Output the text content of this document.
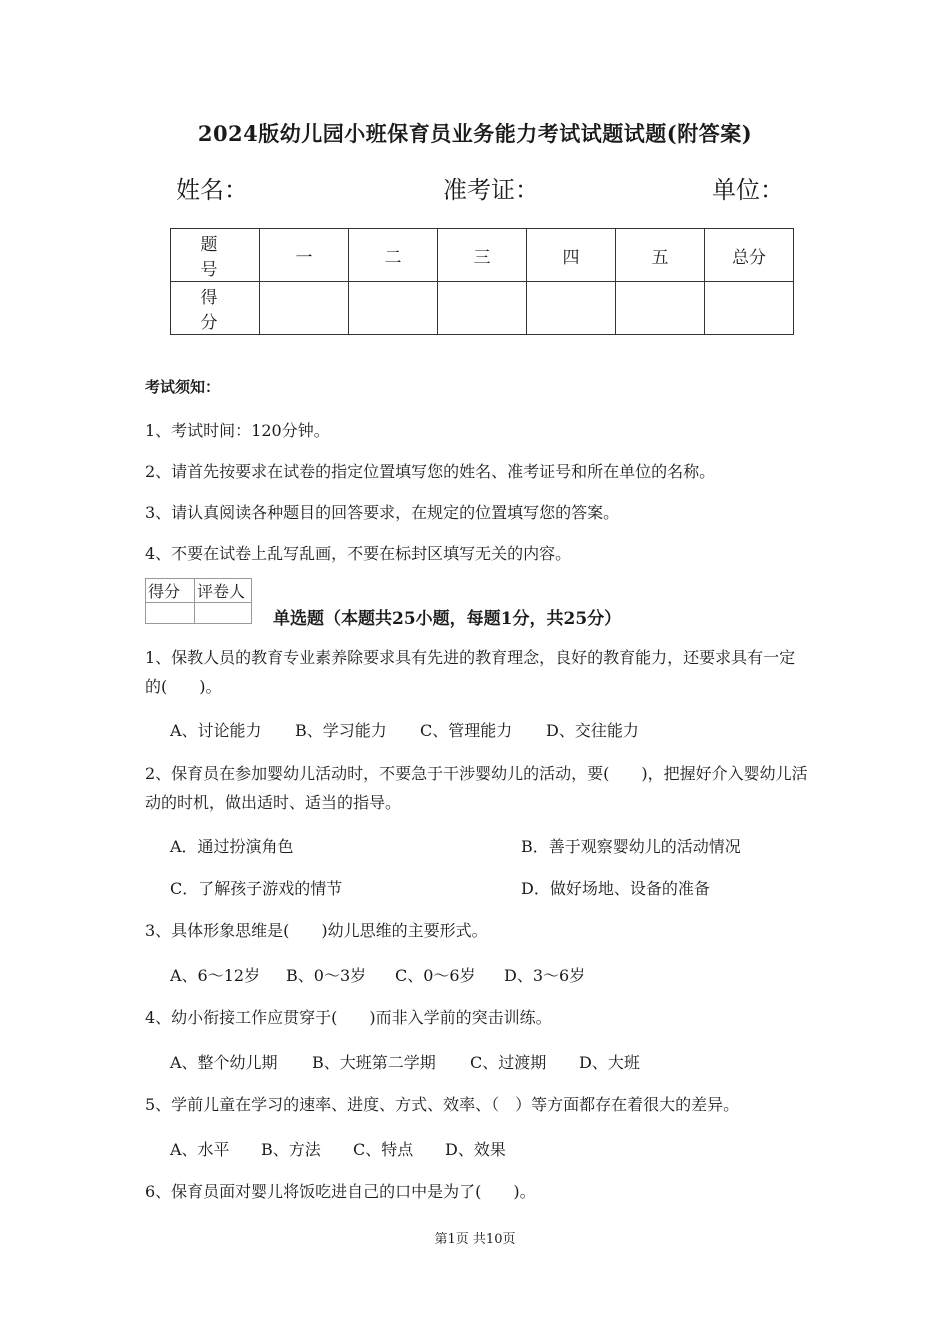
2024版幼儿园小班保育员业务能力考试试题试题(附答案)
姓名：	准考证：	单位：
题　号	一	二	三	四	五	总分
得　分						
考试须知：
1、考试时间：120分钟。
2、请首先按要求在试卷的指定位置填写您的姓名、准考证号和所在单位的名称。
3、请认真阅读各种题目的回答要求，在规定的位置填写您的答案。
4、不要在试卷上乱写乱画，不要在标封区填写无关的内容。
得分	评卷人

单选题（本题共25小题，每题1分，共25分）
1、保教人员的教育专业素养除要求具有先进的教育理念，良好的教育能力，还要求具有一定的(　　)。
A、讨论能力 B、学习能力 C、管理能力 D、交往能力
2、保育员在参加婴幼儿活动时，不要急于干涉婴幼儿的活动，要(　　)，把握好介入婴幼儿活动的时机，做出适时、适当的指导。
A．通过扮演角色	B．善于观察婴幼儿的活动情况
C．了解孩子游戏的情节	D．做好场地、设备的准备
3、具体形象思维是(　　)幼儿思维的主要形式。
A、6～12岁 B、0～3岁 C、0～6岁 D、3～6岁
4、幼小衔接工作应贯穿于(　　)而非入学前的突击训练。
A、整个幼儿期 B、大班第二学期 C、过渡期 D、大班
5、学前儿童在学习的速率、进度、方式、效率、（　）等方面都存在着很大的差异。
A、水平 B、方法 C、特点 D、效果
6、保育员面对婴儿将饭吃进自己的口中是为了(　　)。
第1页 共10页
